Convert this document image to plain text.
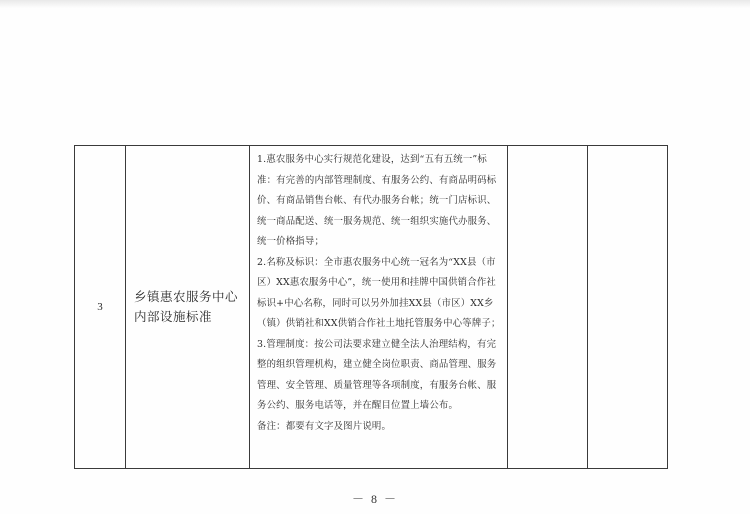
3	乡镇惠农服务中心内部设施标准	

1.惠农服务中心实行规范化建设，达到“五有五统一”标准：有完善的内部管理制度、有服务公约、有商品明码标价、有商品销售台帐、有代办服务台帐；统一门店标识、统一商品配送、统一服务规范、统一组织实施代办服务、统一价格指导；

2.名称及标识：全市惠农服务中心统一冠名为“XX县（市区）XX惠农服务中心”，统一使用和挂牌中国供销合作社标识+中心名称，同时可以另外加挂XX县（市区）XX乡（镇）供销社和XX供销合作社土地托管服务中心等牌子；

3.管理制度：按公司法要求建立健全法人治理结构，有完整的组织管理机构，建立健全岗位职责、商品管理、服务管理、安全管理、质量管理等各项制度，有服务台帐、服务公约、服务电话等，并在醒目位置上墙公布。

备注：都要有文字及图片说明。

－ 8 －
